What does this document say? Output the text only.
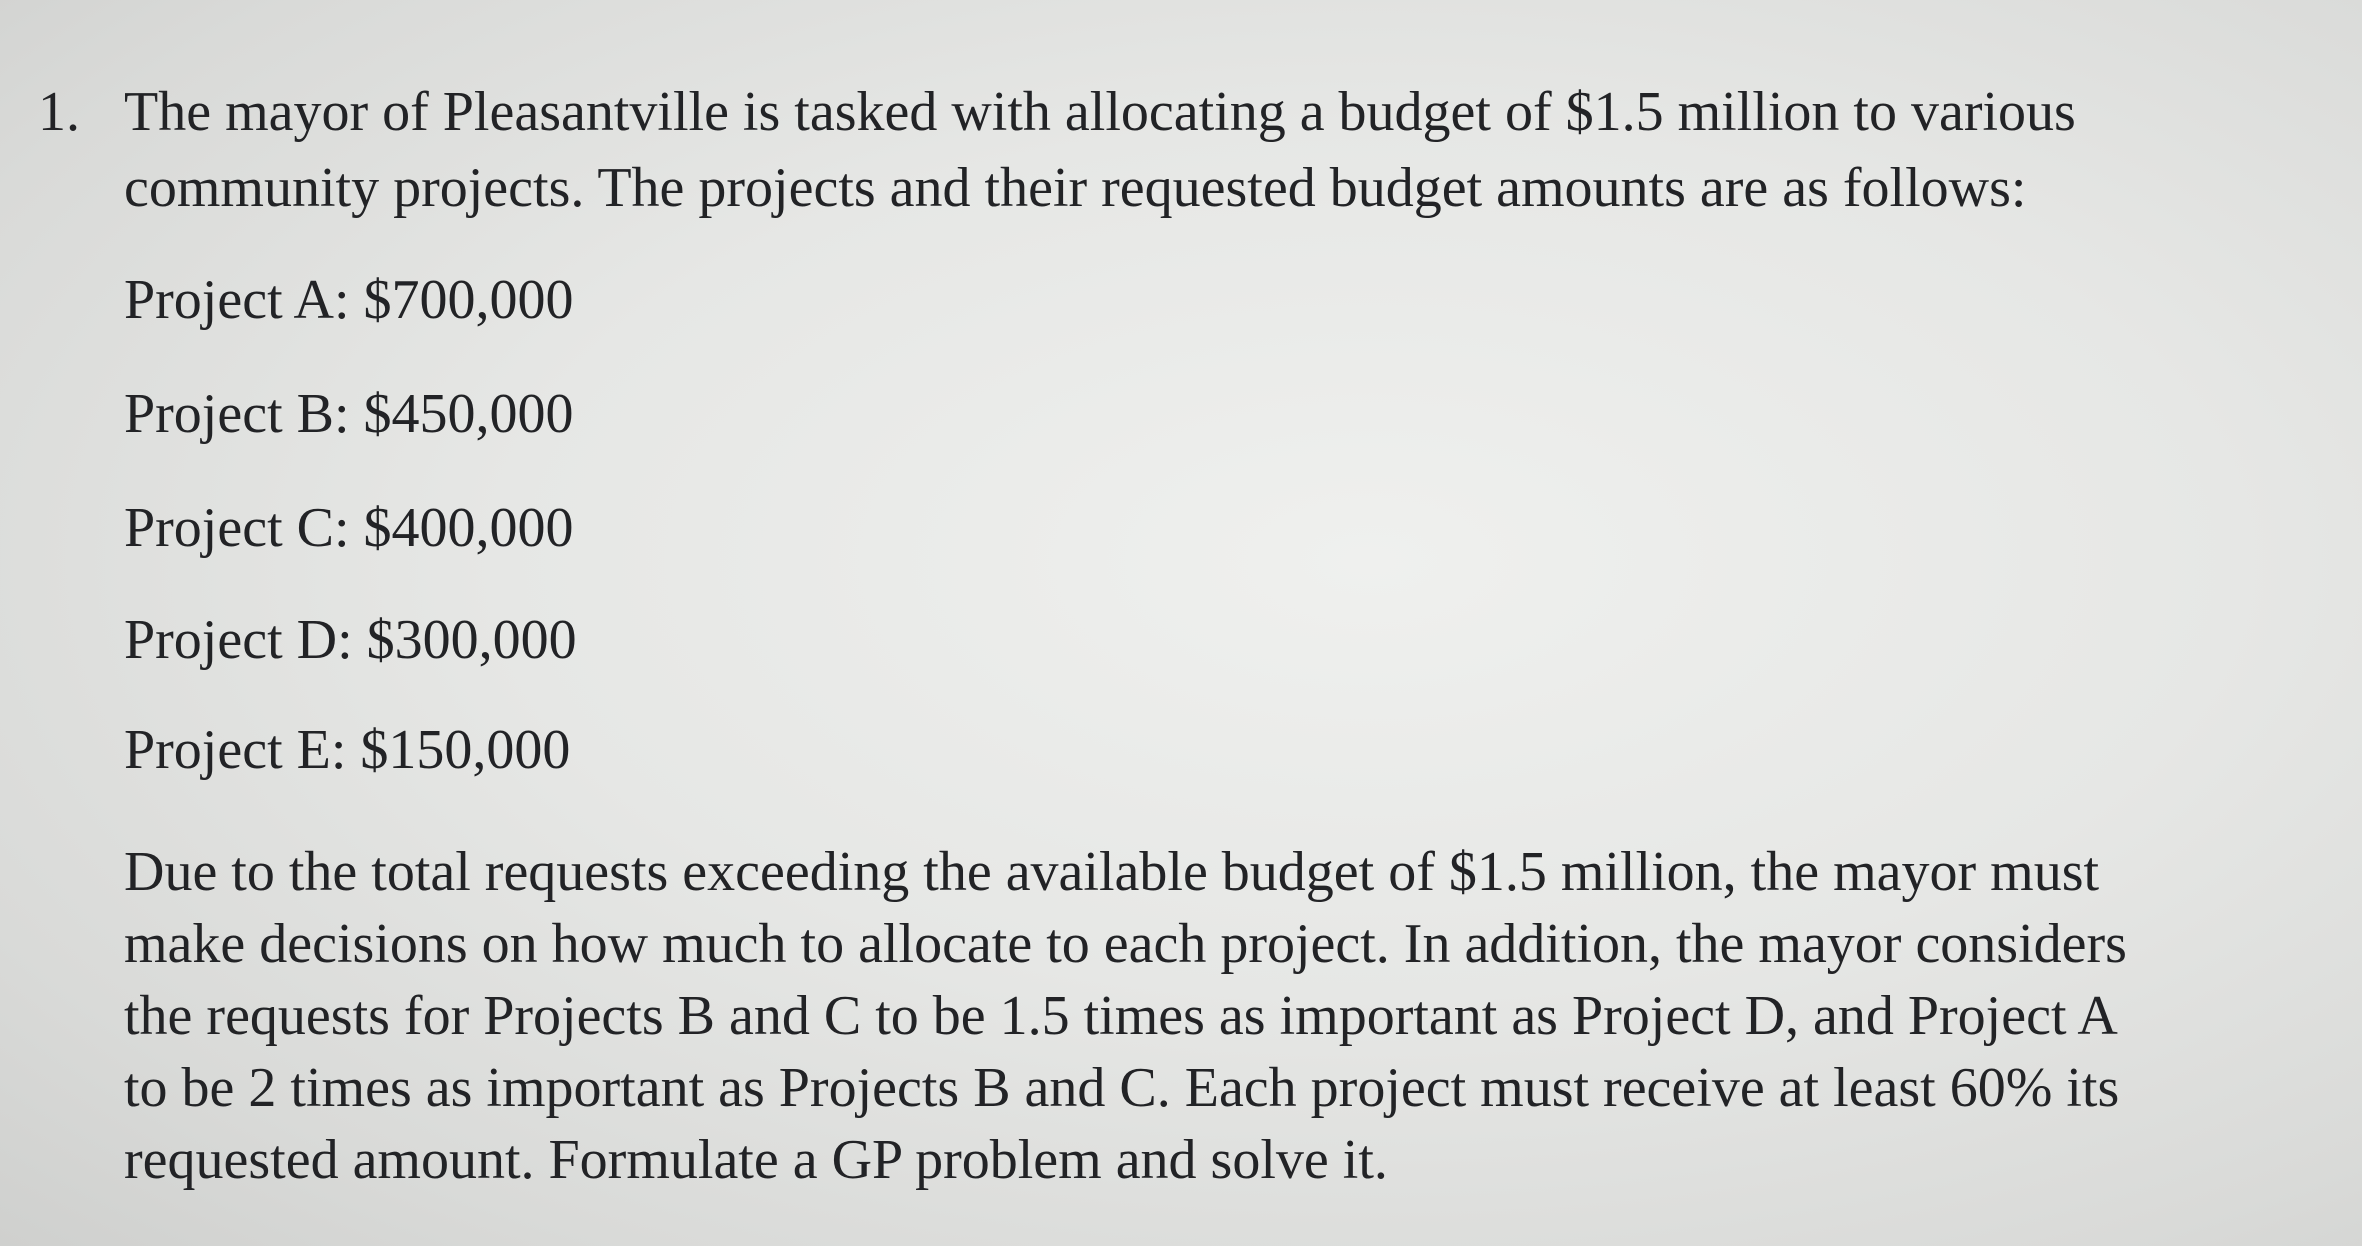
1. The mayor of Pleasantville is tasked with allocating a budget of $1.5 million to various
community projects. The projects and their requested budget amounts are as follows:
Project A: $700,000
Project B: $450,000
Project C: $400,000
Project D: $300,000
Project E: $150,000
Due to the total requests exceeding the available budget of $1.5 million, the mayor must
make decisions on how much to allocate to each project. In addition, the mayor considers
the requests for Projects B and C to be 1.5 times as important as Project D, and Project A
to be 2 times as important as Projects B and C. Each project must receive at least 60% its
requested amount. Formulate a GP problem and solve it.
